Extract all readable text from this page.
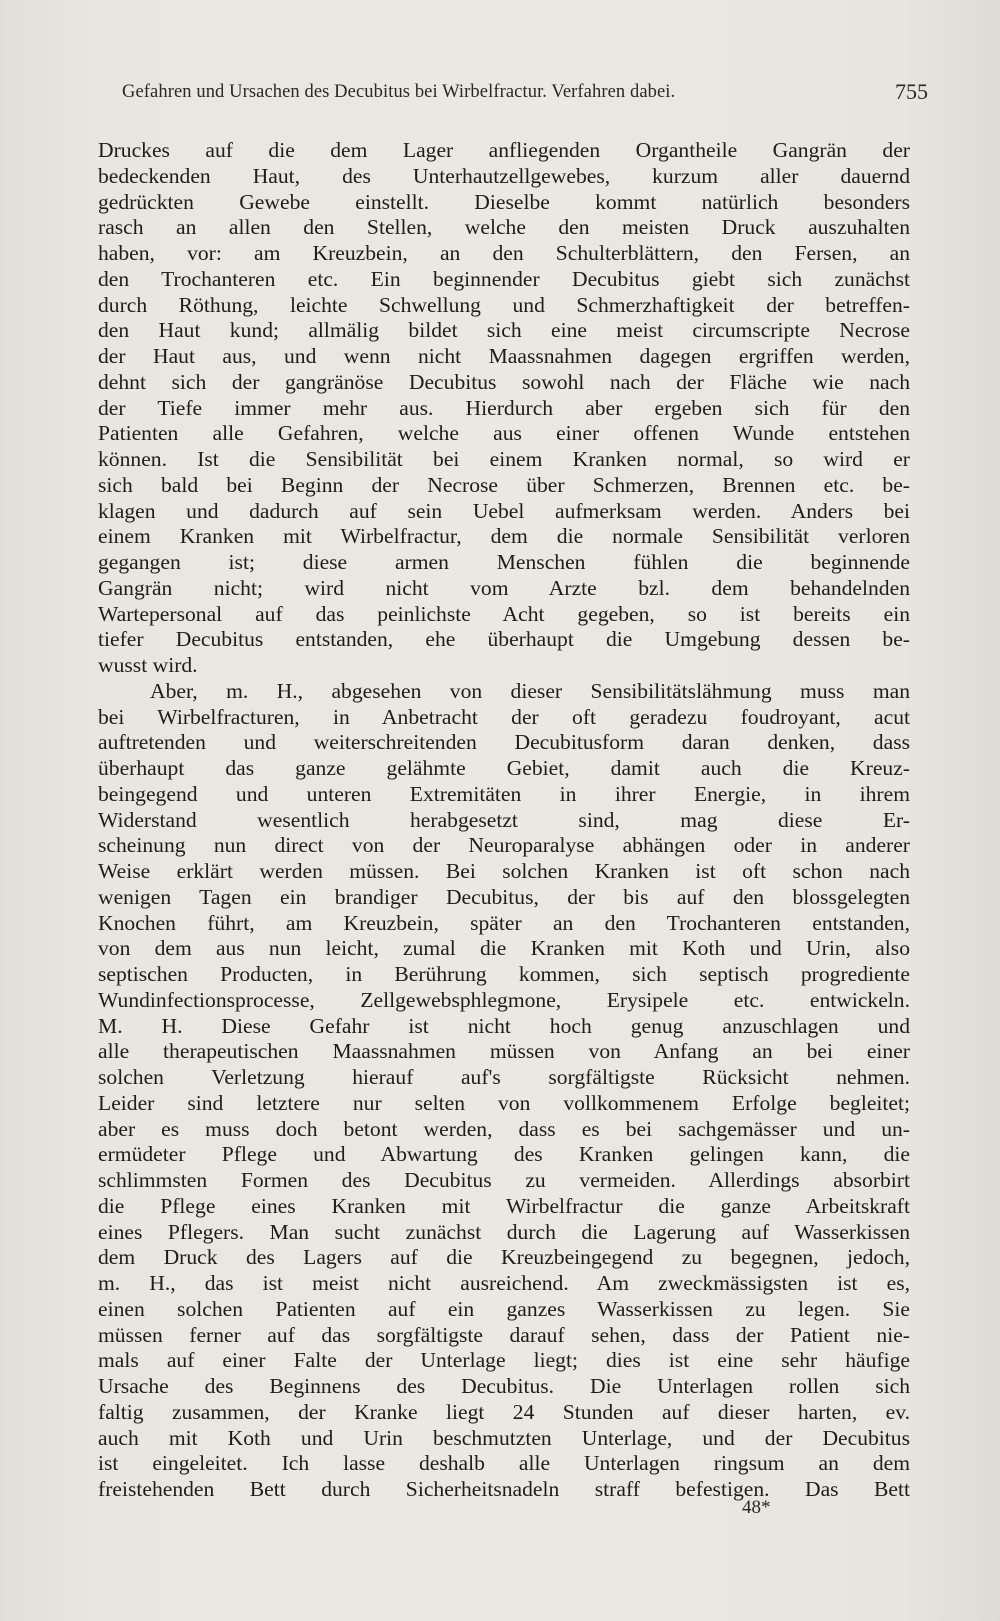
Gefahren und Ursachen des Decubitus bei Wirbelfractur. Verfahren dabei.	755
Druckes auf die dem Lager anfliegenden Organtheile Gangrän der
bedeckenden Haut, des Unterhautzellgewebes, kurzum aller dauernd
gedrückten Gewebe einstellt. Dieselbe kommt natürlich besonders
rasch an allen den Stellen, welche den meisten Druck auszuhalten
haben, vor: am Kreuzbein, an den Schulterblättern, den Fersen, an
den Trochanteren etc. Ein beginnender Decubitus giebt sich zunächst
durch Röthung, leichte Schwellung und Schmerzhaftigkeit der betreffen-
den Haut kund; allmälig bildet sich eine meist circumscripte Necrose
der Haut aus, und wenn nicht Maassnahmen dagegen ergriffen werden,
dehnt sich der gangränöse Decubitus sowohl nach der Fläche wie nach
der Tiefe immer mehr aus. Hierdurch aber ergeben sich für den
Patienten alle Gefahren, welche aus einer offenen Wunde entstehen
können. Ist die Sensibilität bei einem Kranken normal, so wird er
sich bald bei Beginn der Necrose über Schmerzen, Brennen etc. be-
klagen und dadurch auf sein Uebel aufmerksam werden. Anders bei
einem Kranken mit Wirbelfractur, dem die normale Sensibilität verloren
gegangen ist; diese armen Menschen fühlen die beginnende
Gangrän nicht; wird nicht vom Arzte bzl. dem behandelnden
Wartepersonal auf das peinlichste Acht gegeben, so ist bereits ein
tiefer Decubitus entstanden, ehe überhaupt die Umgebung dessen be-
wusst wird.
Aber, m. H., abgesehen von dieser Sensibilitätslähmung muss man
bei Wirbelfracturen, in Anbetracht der oft geradezu foudroyant, acut
auftretenden und weiterschreitenden Decubitusform daran denken, dass
überhaupt das ganze gelähmte Gebiet, damit auch die Kreuz-
beingegend und unteren Extremitäten in ihrer Energie, in ihrem
Widerstand wesentlich herabgesetzt sind, mag diese Er-
scheinung nun direct von der Neuroparalyse abhängen oder in anderer
Weise erklärt werden müssen. Bei solchen Kranken ist oft schon nach
wenigen Tagen ein brandiger Decubitus, der bis auf den blossgelegten
Knochen führt, am Kreuzbein, später an den Trochanteren entstanden,
von dem aus nun leicht, zumal die Kranken mit Koth und Urin, also
septischen Producten, in Berührung kommen, sich septisch progrediente
Wundinfectionsprocesse, Zellgewebsphlegmone, Erysipele etc. entwickeln.
M. H. Diese Gefahr ist nicht hoch genug anzuschlagen und
alle therapeutischen Maassnahmen müssen von Anfang an bei einer
solchen Verletzung hierauf auf's sorgfältigste Rücksicht nehmen.
Leider sind letztere nur selten von vollkommenem Erfolge begleitet;
aber es muss doch betont werden, dass es bei sachgemässer und un-
ermüdeter Pflege und Abwartung des Kranken gelingen kann, die
schlimmsten Formen des Decubitus zu vermeiden. Allerdings absorbirt
die Pflege eines Kranken mit Wirbelfractur die ganze Arbeitskraft
eines Pflegers. Man sucht zunächst durch die Lagerung auf Wasserkissen
dem Druck des Lagers auf die Kreuzbeingegend zu begegnen, jedoch,
m. H., das ist meist nicht ausreichend. Am zweckmässigsten ist es,
einen solchen Patienten auf ein ganzes Wasserkissen zu legen. Sie
müssen ferner auf das sorgfältigste darauf sehen, dass der Patient nie-
mals auf einer Falte der Unterlage liegt; dies ist eine sehr häufige
Ursache des Beginnens des Decubitus. Die Unterlagen rollen sich
faltig zusammen, der Kranke liegt 24 Stunden auf dieser harten, ev.
auch mit Koth und Urin beschmutzten Unterlage, und der Decubitus
ist eingeleitet. Ich lasse deshalb alle Unterlagen ringsum an dem
freistehenden Bett durch Sicherheitsnadeln straff befestigen. Das Bett
48*
